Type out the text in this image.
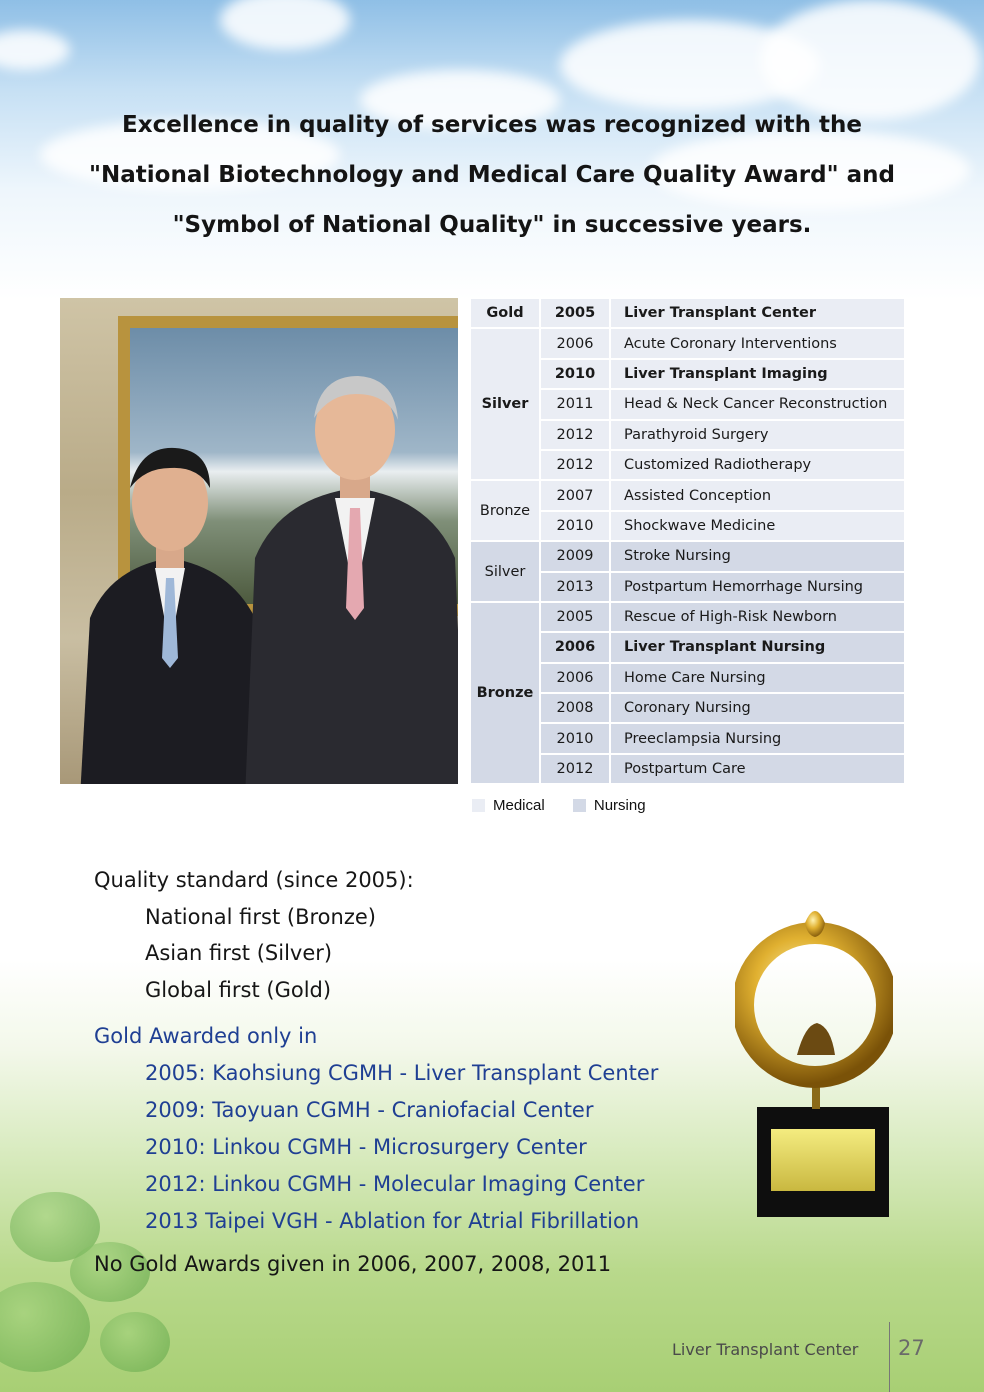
Excellence in quality of services was recognized with the
"National Biotechnology and Medical Care Quality Award" and
"Symbol of National Quality" in successive years.
Gold	2005	Liver Transplant Center
Silver	2006	Acute Coronary Interventions
	2010	Liver Transplant Imaging
	2011	Head & Neck Cancer Reconstruction
	2012	Parathyroid Surgery
	2012	Customized Radiotherapy
Bronze	2007	Assisted Conception
	2010	Shockwave Medicine
Silver	2009	Stroke Nursing
	2013	Postpartum Hemorrhage Nursing
Bronze	2005	Rescue of High-Risk Newborn
	2006	Liver Transplant Nursing
	2006	Home Care Nursing
	2008	Coronary Nursing
	2010	Preeclampsia Nursing
	2012	Postpartum Care
Medical	Nursing
Quality standard (since 2005):
National first (Bronze)
Asian first (Silver)
Global first (Gold)
Gold Awarded only in
2005: Kaohsiung CGMH - Liver Transplant Center
2009: Taoyuan CGMH - Craniofacial Center
2010: Linkou CGMH - Microsurgery Center
2012: Linkou CGMH - Molecular Imaging Center
2013 Taipei VGH - Ablation for Atrial Fibrillation
No Gold Awards given in 2006, 2007, 2008, 2011
Liver Transplant Center 27
